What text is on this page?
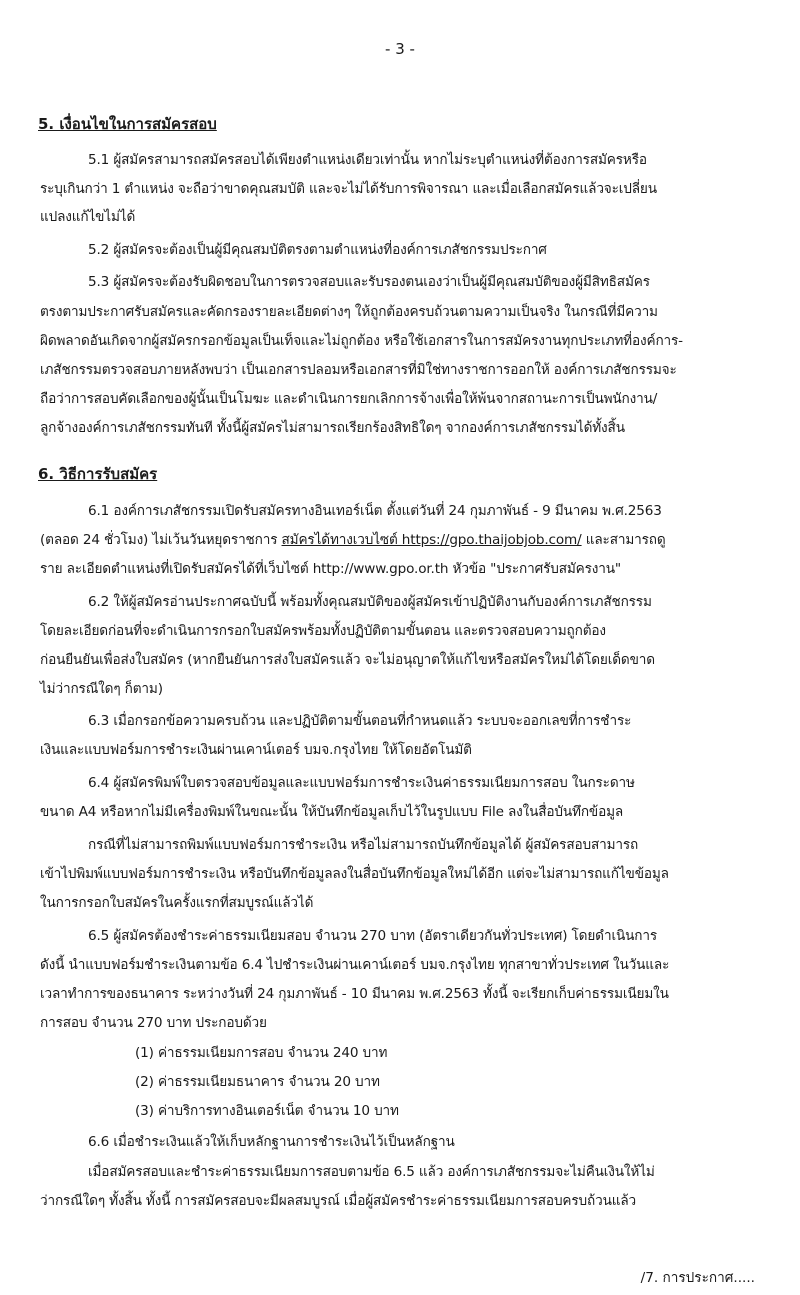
- 3 -
5. เงื่อนไขในการสมัครสอบ
5.1 ผู้สมัครสามารถสมัครสอบได้เพียงตำแหน่งเดียวเท่านั้น หากไม่ระบุตำแหน่งที่ต้องการสมัครหรือ
ระบุเกินกว่า 1 ตำแหน่ง จะถือว่าขาดคุณสมบัติ และจะไม่ได้รับการพิจารณา และเมื่อเลือกสมัครแล้วจะเปลี่ยน
แปลงแก้ไขไม่ได้
5.2 ผู้สมัครจะต้องเป็นผู้มีคุณสมบัติตรงตามตำแหน่งที่องค์การเภสัชกรรมประกาศ
5.3 ผู้สมัครจะต้องรับผิดชอบในการตรวจสอบและรับรองตนเองว่าเป็นผู้มีคุณสมบัติของผู้มีสิทธิสมัคร
ตรงตามประกาศรับสมัครและคัดกรองรายละเอียดต่างๆ ให้ถูกต้องครบถ้วนตามความเป็นจริง ในกรณีที่มีความ
ผิดพลาดอันเกิดจากผู้สมัครกรอกข้อมูลเป็นเท็จและไม่ถูกต้อง หรือใช้เอกสารในการสมัครงานทุกประเภทที่องค์การ-
เภสัชกรรมตรวจสอบภายหลังพบว่า เป็นเอกสารปลอมหรือเอกสารที่มิใช่ทางราชการออกให้ องค์การเภสัชกรรมจะ
ถือว่าการสอบคัดเลือกของผู้นั้นเป็นโมฆะ และดำเนินการยกเลิกการจ้างเพื่อให้พ้นจากสถานะการเป็นพนักงาน/
ลูกจ้างองค์การเภสัชกรรมทันที ทั้งนี้ผู้สมัครไม่สามารถเรียกร้องสิทธิใดๆ จากองค์การเภสัชกรรมได้ทั้งสิ้น
6. วิธีการรับสมัคร
6.1 องค์การเภสัชกรรมเปิดรับสมัครทางอินเทอร์เน็ต ตั้งแต่วันที่ 24 กุมภาพันธ์ - 9 มีนาคม พ.ศ.2563
(ตลอด 24 ชั่วโมง) ไม่เว้นวันหยุดราชการ สมัครได้ทางเวบไซต์ https://gpo.thaijobjob.com/ และสามารถดู
ราย ละเอียดตำแหน่งที่เปิดรับสมัครได้ที่เว็บไซต์ http://www.gpo.or.th หัวข้อ "ประกาศรับสมัครงาน"
6.2 ให้ผู้สมัครอ่านประกาศฉบับนี้ พร้อมทั้งคุณสมบัติของผู้สมัครเข้าปฏิบัติงานกับองค์การเภสัชกรรม
โดยละเอียดก่อนที่จะดำเนินการกรอกใบสมัครพร้อมทั้งปฏิบัติตามขั้นตอน และตรวจสอบความถูกต้อง
ก่อนยืนยันเพื่อส่งใบสมัคร (หากยืนยันการส่งใบสมัครแล้ว จะไม่อนุญาตให้แก้ไขหรือสมัครใหม่ได้โดยเด็ดขาด
ไม่ว่ากรณีใดๆ ก็ตาม)
6.3 เมื่อกรอกข้อความครบถ้วน และปฏิบัติตามขั้นตอนที่กำหนดแล้ว ระบบจะออกเลขที่การชำระ
เงินและแบบฟอร์มการชำระเงินผ่านเคาน์เตอร์ บมจ.กรุงไทย ให้โดยอัตโนมัติ
6.4 ผู้สมัครพิมพ์ใบตรวจสอบข้อมูลและแบบฟอร์มการชำระเงินค่าธรรมเนียมการสอบ ในกระดาษ
ขนาด A4 หรือหากไม่มีเครื่องพิมพ์ในขณะนั้น ให้บันทึกข้อมูลเก็บไว้ในรูปแบบ File ลงในสื่อบันทึกข้อมูล
กรณีที่ไม่สามารถพิมพ์แบบฟอร์มการชำระเงิน หรือไม่สามารถบันทึกข้อมูลได้ ผู้สมัครสอบสามารถ
เข้าไปพิมพ์แบบฟอร์มการชำระเงิน หรือบันทึกข้อมูลลงในสื่อบันทึกข้อมูลใหม่ได้อีก แต่จะไม่สามารถแก้ไขข้อมูล
ในการกรอกใบสมัครในครั้งแรกที่สมบูรณ์แล้วได้
6.5 ผู้สมัครต้องชำระค่าธรรมเนียมสอบ จำนวน 270 บาท (อัตราเดียวกันทั่วประเทศ) โดยดำเนินการ
ดังนี้ นำแบบฟอร์มชำระเงินตามข้อ 6.4 ไปชำระเงินผ่านเคาน์เตอร์ บมจ.กรุงไทย ทุกสาขาทั่วประเทศ ในวันและ
เวลาทำการของธนาคาร ระหว่างวันที่ 24 กุมภาพันธ์ - 10 มีนาคม พ.ศ.2563 ทั้งนี้ จะเรียกเก็บค่าธรรมเนียมใน
การสอบ จำนวน 270 บาท ประกอบด้วย
(1) ค่าธรรมเนียมการสอบ จำนวน 240 บาท
(2) ค่าธรรมเนียมธนาคาร จำนวน 20 บาท
(3) ค่าบริการทางอินเตอร์เน็ต จำนวน 10 บาท
6.6 เมื่อชำระเงินแล้วให้เก็บหลักฐานการชำระเงินไว้เป็นหลักฐาน
เมื่อสมัครสอบและชำระค่าธรรมเนียมการสอบตามข้อ 6.5 แล้ว องค์การเภสัชกรรมจะไม่คืนเงินให้ไม่
ว่ากรณีใดๆ ทั้งสิ้น ทั้งนี้ การสมัครสอบจะมีผลสมบูรณ์ เมื่อผู้สมัครชำระค่าธรรมเนียมการสอบครบถ้วนแล้ว
/7. การประกาศ.....
